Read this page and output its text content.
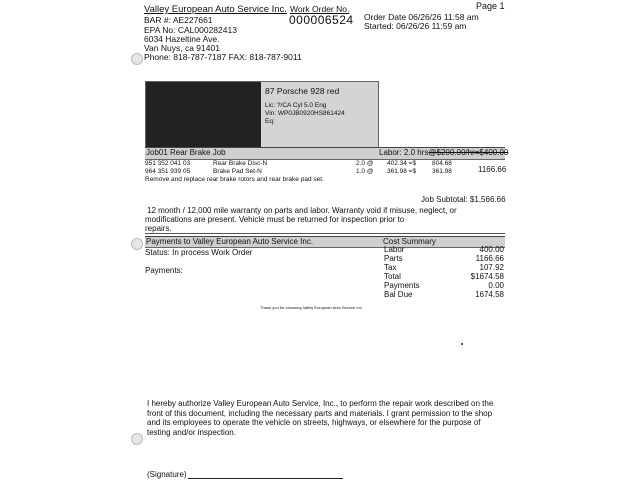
Valley European Auto Service Inc.
BAR #: AE227661
EPA No: CAL000282413
6034 Hazeltine Ave.
Van Nuys, ca 91401
Phone: 818-787-7187 FAX: 818-787-9011
Work Order No.
000006524 Order Date 06/26/26 11:58 am
Started: 06/26/26 11:59 am
Page 1
87 Porsche 928 red
Lic: ?/CA Cyl 5.0 Eng
Vin: WP0JB0920HS861424
Eq:
Job01 Rear Brake Job	Labor: 2.0 hrs@$200.00/hr=$400.00
951 352 041 03	Rear Brake Disc-N	2.0 @ 402.34 =$ 804.68
964 351 939 05	Brake Pad Set-N	1.0 @ 361.98 =$ 361.98	1166.66
Remove and replace rear brake rotors and rear brake pad set.
Job Subtotal: $1,566.66
12 month / 12,000 mile warranty on parts and labor. Warranty void if misuse, neglect, or
modifications are present. Vehicle must be returned for inspection prior to
repairs.
Payments to Valley European Auto Service Inc.	Cost Summary
Status: In process Work Order
Payments:
Labor	400.00
Parts	1166.66
Tax	107.92
Total	$1674.58
Payments	0.00
Bal Due	1674.58
Thank you for choosing Valley European Auto Service Inc.
I hereby authorize Valley European Auto Service, Inc., to perform the repair work described on the
front of this document, including the necessary parts and materials. I grant permission to the shop
and its employees to operate the vehicle on streets, highways, or elsewhere for the purpose of
testing and/or inspection.
(Signature)
